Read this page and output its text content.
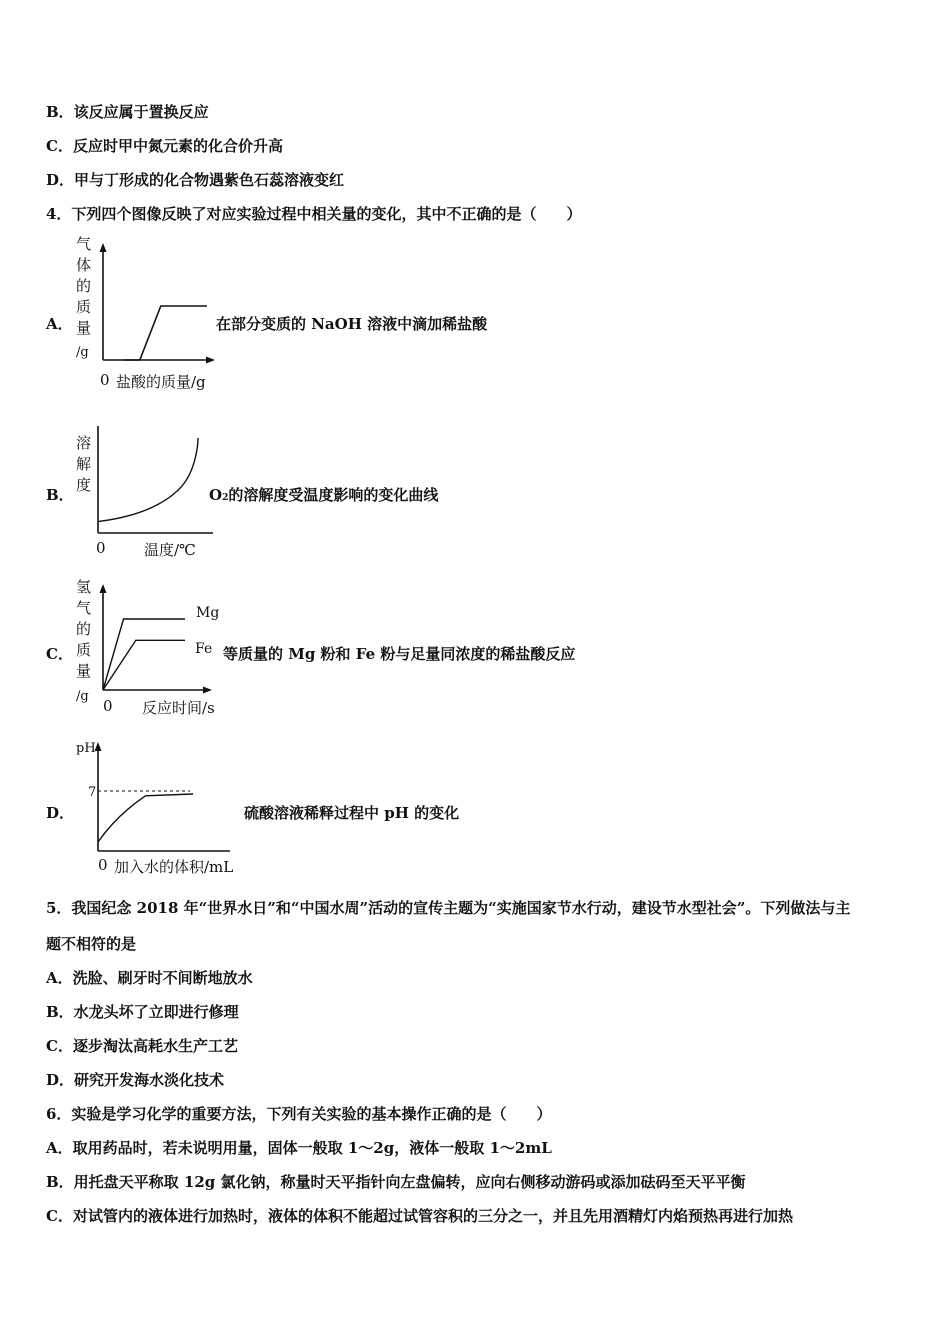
B．该反应属于置换反应
C．反应时甲中氮元素的化合价升高
D．甲与丁形成的化合物遇紫色石蕊溶液变红
4．下列四个图像反映了对应实验过程中相关量的变化，其中不正确的是（　　）
A．
气
体
的
质
量
/g
0 盐酸的质量/g
在部分变质的 NaOH 溶液中滴加稀盐酸
B．
溶
解
度
0	温度/℃
O2的溶解度受温度影响的变化曲线
C．
氢
气
的
质
量
/g
Mg
Fe
0 反应时间/s
等质量的 Mg 粉和 Fe 粉与足量同浓度的稀盐酸反应
D．
pH
7
0 加入水的体积/mL
硫酸溶液稀释过程中 pH 的变化
5．我国纪念 2018 年“世界水日”和“中国水周”活动的宣传主题为“实施国家节水行动，建设节水型社会”。下列做法与主
题不相符的是
A．洗脸、刷牙时不间断地放水
B．水龙头坏了立即进行修理
C．逐步淘汰高耗水生产工艺
D．研究开发海水淡化技术
6．实验是学习化学的重要方法，下列有关实验的基本操作正确的是（　　）
A．取用药品时，若未说明用量，固体一般取 1～2g，液体一般取 1～2mL
B．用托盘天平称取 12g 氯化钠，称量时天平指针向左盘偏转，应向右侧移动游码或添加砝码至天平平衡
C．对试管内的液体进行加热时，液体的体积不能超过试管容积的三分之一，并且先用酒精灯内焰预热再进行加热
